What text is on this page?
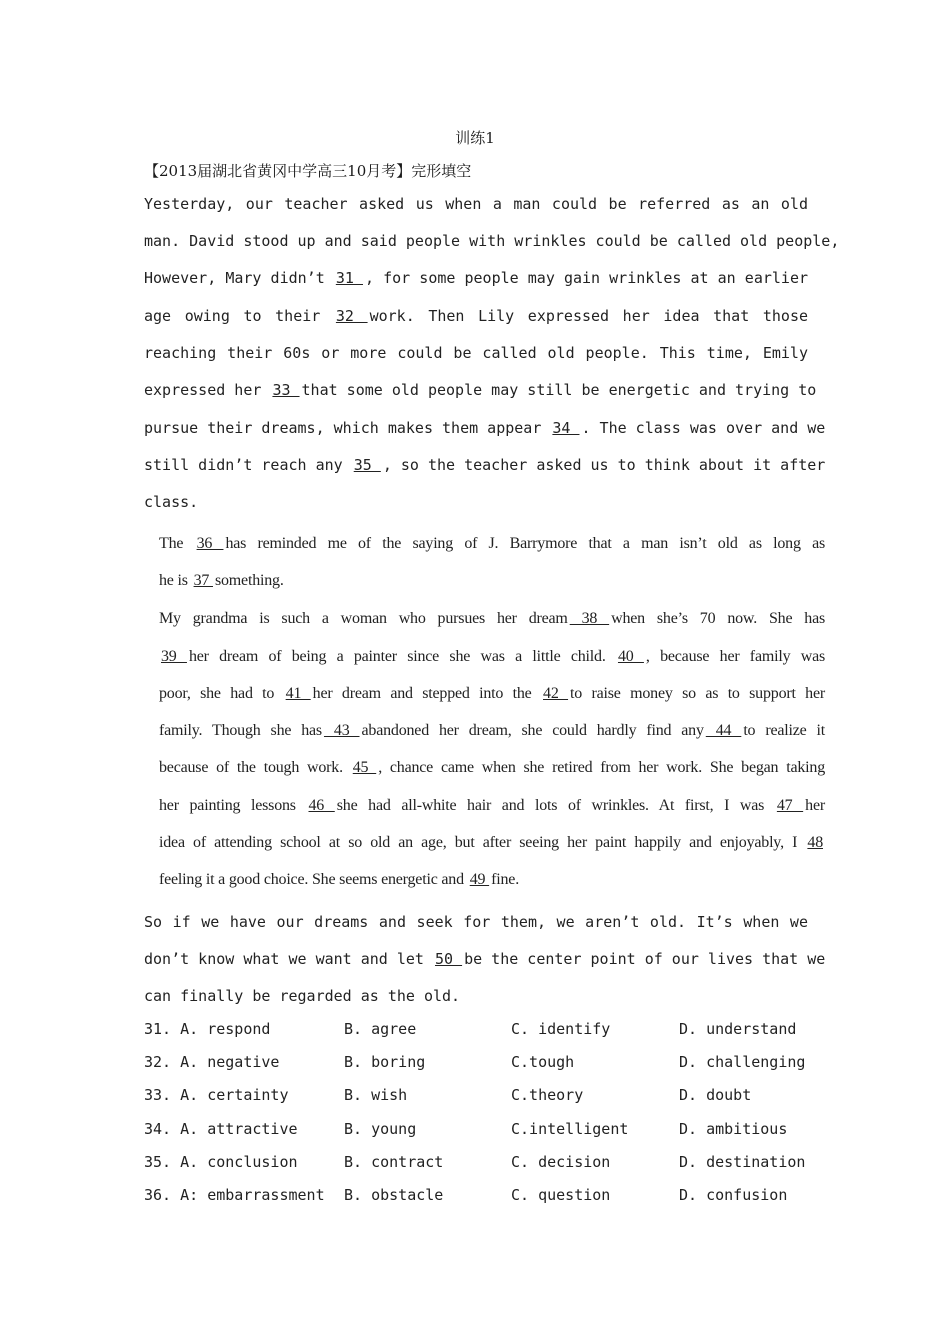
训练1
【2013届湖北省黄冈中学高三10月考】完形填空
Yesterday, our teacher asked us when a man could be referred as an old
man. David stood up and said people with wrinkles could be called old people,
However, Mary didn’t 31 , for some people may gain wrinkles at an earlier
age owing to their 32 work. Then Lily expressed her idea that those
reaching their 60s or more could be called old people. This time, Emily
expressed her 33 that some old people may still be energetic and trying to
pursue their dreams, which makes them appear 34 . The class was over and we
still didn’t reach any 35 , so the teacher asked us to think about it after
class.
The 36 has reminded me of the saying of J. Barrymore that a man isn’t old as long as
he is 37 something.
My grandma is such a woman who pursues her dream 38 when she’s 70 now. She has
39 her dream of being a painter since she was a little child. 40 , because her family was
poor, she had to 41 her dream and stepped into the 42 to raise money so as to support her
family. Though she has 43 abandoned her dream, she could hardly find any 44 to realize it
because of the tough work. 45 , chance came when she retired from her work. She began taking
her painting lessons 46 she had all-white hair and lots of wrinkles. At first, I was 47 her
idea of attending school at so old an age, but after seeing her paint happily and enjoyably, I 48
feeling it a good choice. She seems energetic and 49 fine.
So if we have our dreams and seek for them, we aren’t old. It’s when we
don’t know what we want and let 50 be the center point of our lives that we
can finally be regarded as the old.
31. A. respond	B. agree	C. identify	D. understand
32. A. negative	B. boring	C.tough	D. challenging
33. A. certainty	B. wish	C.theory	D. doubt
34. A. attractive	B. young	C.intelligent	D. ambitious
35. A. conclusion	B. contract	C. decision	D. destination
36. A: embarrassment B. obstacle	C. question	D. confusion
